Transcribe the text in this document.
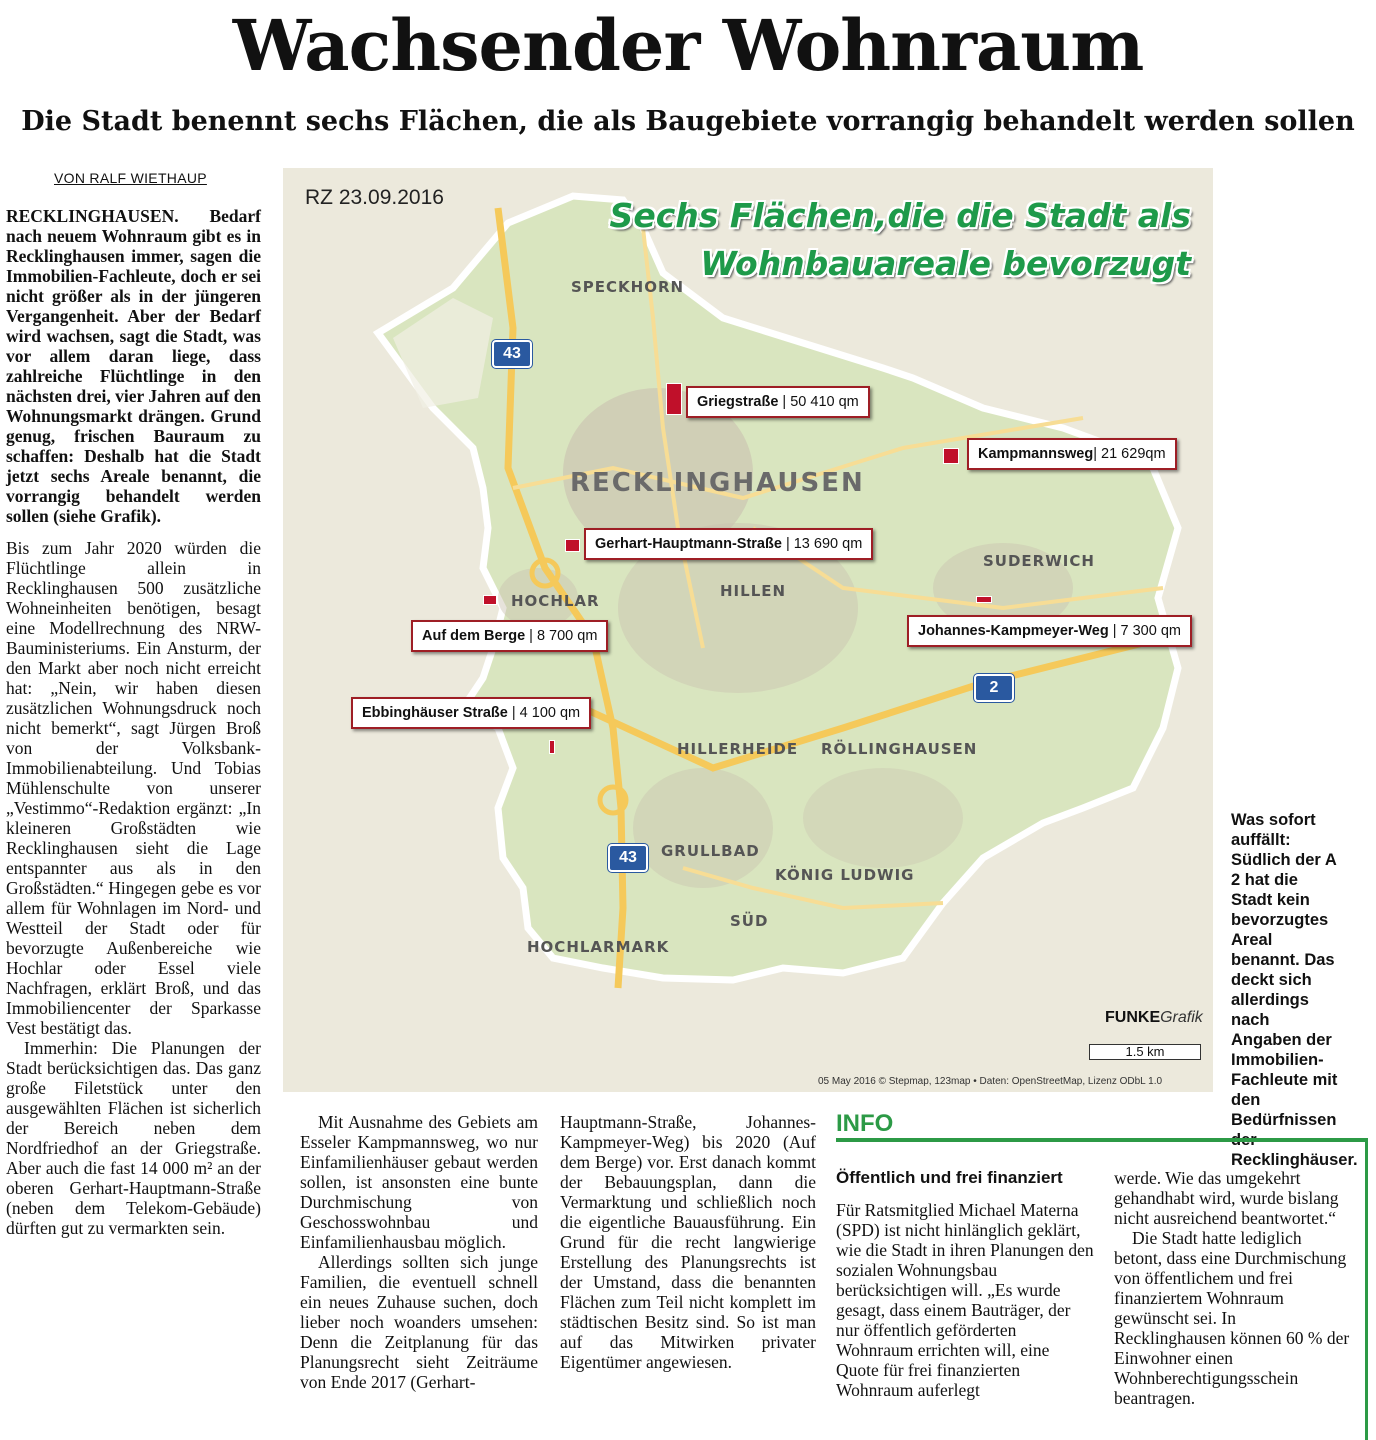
Wachsender Wohnraum
Die Stadt benennt sechs Flächen, die als Baugebiete vorrangig behandelt werden sollen
VON RALF WIETHAUP

RECKLINGHAUSEN. Bedarf nach neuem Wohnraum gibt es in Recklinghausen immer, sagen die Immobilien-Fachleute, doch er sei nicht größer als in der jüngeren Vergangenheit. Aber der Bedarf wird wachsen, sagt die Stadt, was vor allem daran liege, dass zahlreiche Flüchtlinge in den nächsten drei, vier Jahren auf den Wohnungsmarkt drängen. Grund genug, frischen Bauraum zu schaffen: Deshalb hat die Stadt jetzt sechs Areale benannt, die vorrangig behandelt werden sollen (siehe Grafik).

Bis zum Jahr 2020 würden die Flüchtlinge allein in Recklinghausen 500 zusätzliche Wohneinheiten benötigen, besagt eine Modellrechnung des NRW-Bauministeriums. Ein Ansturm, der den Markt aber noch nicht erreicht hat: „Nein, wir haben diesen zusätzlichen Wohnungsdruck noch nicht bemerkt“, sagt Jürgen Broß von der Volksbank-Immobilienabteilung. Und Tobias Mühlenschulte von unserer „Vestimmo“-Redaktion ergänzt: „In kleineren Großstädten wie Recklinghausen sieht die Lage entspannter aus als in den Großstädten.“ Hingegen gebe es vor allem für Wohnlagen im Nord- und Westteil der Stadt oder für bevorzugte Außenbereiche wie Hochlar oder Essel viele Nachfragen, erklärt Broß, und das Immobiliencenter der Sparkasse Vest bestätigt das.

Immerhin: Die Planungen der Stadt berücksichtigen das. Das ganz große Filetstück unter den ausgewählten Flächen ist sicherlich der Bereich neben dem Nordfriedhof an der Griegstraße. Aber auch die fast 14 000 m² an der oberen Gerhart-Hauptmann-Straße (neben dem Telekom-Gebäude) dürften gut zu vermarkten sein.

RZ 23.09.2016	Sechs Flächen,die die Stadt als
Wohnbauareale bevorzugt
RECKLINGHAUSEN
SPECKHORN
HOCHLAR
HILLEN
SUDERWICH
HILLERHEIDE RÖLLINGHAUSEN
GRULLBAD
KÖNIG LUDWIG
SÜD
HOCHLARMARK
43
43
2
Griegstraße | 50 410 qm
Kampmannsweg| 21 629qm
Gerhart-Hauptmann-Straße | 13 690 qm
Auf dem Berge | 8 700 qm	Johannes-Kampmeyer-Weg | 7 300 qm
Ebbinghäuser Straße | 4 100 qm
FUNKEGrafik
1.5 km
05 May 2016 © Stepmap, 123map • Daten: OpenStreetMap, Lizenz ODbL 1.0
Was sofort auffällt: Südlich der A 2 hat die Stadt kein bevorzugtes Areal benannt. Das deckt sich allerdings nach Angaben der Immobilien-Fachleute mit den Bedürfnissen Recklinghäuser.

Mit Ausnahme des Gebiets am Esseler Kampmannsweg, wo nur Einfamilienhäuser gebaut werden sollen, ist ansonsten eine bunte Durchmischung von Geschosswohnbau und Einfamilienhausbau möglich.

Allerdings sollten sich junge Familien, die eventuell schnell ein neues Zuhause suchen, doch lieber noch woanders umsehen: Denn die Zeitplanung für das Planungsrecht sieht Zeiträume von Ende 2017 (Gerhart-

Hauptmann-Straße, Johannes-Kampmeyer-Weg) bis 2020 (Auf dem Berge) vor. Erst danach kommt der Bebauungsplan, dann die Vermarktung und schließlich noch die eigentliche Bauausführung. Ein Grund für die recht langwierige Erstellung des Planungsrechts ist der Umstand, dass die benannten Flächen zum Teil nicht komplett im städtischen Besitz sind. So ist man auf das Mitwirken privater Eigentümer angewiesen.

INFO
Öffentlich und frei finanziert

Für Ratsmitglied Michael Materna (SPD) ist nicht hinlänglich geklärt, wie die Stadt in ihren Planungen den sozialen Wohnungsbau berücksichtigen will. „Es wurde gesagt, dass einem Bauträger, der nur öffentlich geförderten Wohnraum errichten will, eine Quote für frei finanzierten Wohnraum auferlegt

werde. Wie das umgekehrt gehandhabt wird, wurde bislang nicht ausreichend beantwortet.“

Die Stadt hatte lediglich betont, dass eine Durchmischung von öffentlichem und frei finanziertem Wohnraum gewünscht sei. In Recklinghausen können 60 % der Einwohner einen Wohnberechtigungsschein beantragen.
